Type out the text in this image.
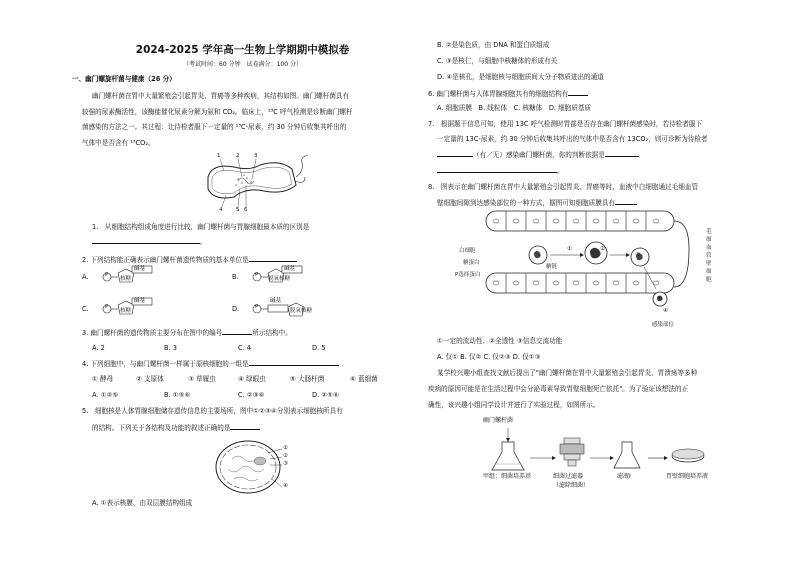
2024-2025 学年高一生物上学期期中模拟卷
（考试时间：60 分钟　试卷满分：100 分）
一、幽门螺旋杆菌与健康（26 分）
幽门螺杆菌在胃中大量繁殖会引起胃炎、胃癌等多种疾病，其结构如图。幽门螺杆菌具有
较强的尿素酶活性，该酶能催化尿素分解为氨和 CO₂。临床上，¹³C 呼气检测是诊断幽门螺杆
菌感染的方法之一。其过程：让待检者服下一定量的 ¹³C-尿素，约 30 分钟后收集其呼出的
气体中是否含有 ¹³CO₂。
1	2	3
4 5 6
1.　从细胞结构组成角度进行比较，幽门螺杆菌与胃腺细胞最本质的区别是
。
2. 下列结构能正确表示幽门螺杆菌遗传物质的基本单位是
A.	P
碱基
核糖	B.	P
碱基
脱氧核糖
C.	P
碱基
核糖	D.	P
碱基
脱氧核糖
3. 幽门螺杆菌的遗传物质主要分布在图中的编号	所示结构中。
A. 2	B. 3	C. 4	D. 5
4. 下列细胞中，与幽门螺杆菌一样属于原核细胞的一组是
① 酵母	② 支原体	③ 草履虫	④ 绿眼虫	⑤ 大肠杆菌	⑥ 蓝细菌
A. ①②⑤	B. ①⑤⑥	C. ②③⑥	D. ②⑤⑥
5.　细胞核是人体胃腺细胞储存遗传信息的主要场所，图中①②③④分别表示细胞核所具有
的结构。下列关于各结构及功能的叙述正确的是
①
②
③
④
A. ①表示核膜，由双层膜结构组成
B. ②是染色质，由 DNA 和蛋白质组成
C. ③是核仁，与细胞中核糖体的形成有关
D. ④是核孔，是细胞核与细胞质间大分子物质进出的通道
6. 幽门螺杆菌与人体胃腺细胞共有的细胞结构有
A. 细胞质膜　B. 线粒体　C. 核糖体　D. 细胞质基质
7.　根据题干信息可知，使用 13C 呼气检测时胃部是否存在幽门螺杆菌感染时，若待检者服下
一定量的 13C-尿素，约 30 分钟后收集其呼出的气体中是否含有 13CO₂，则可诊断为待检者
（有／无）感染幽门螺杆菌，你的判断依据是
。
8.　图表示在幽门螺杆菌在胃中大量繁殖会引起胃炎、胃癌等时，血液中白细胞通过毛细血管
壁细胞间隙到达感染部位的一种方式，据图可知细胞质膜具有
白细胞
糖蛋白
糖链
P选择蛋白
感染部位
①	②
③
④
毛细血管壁细胞
①一定的流动性、②全透性 ③信息交流功能
A. 仅① B. 仅② C. 仅②③ D. 仅①③
某学校兴趣小组查找文献后提出了"幽门螺杆菌在胃中大量繁殖会引起胃炎、胃溃疡等多种
疾病的原因可能是在生活过程中会分泌毒素导致胃壁细胞死亡依托"。为了验证该想法的正
确性，该兴趣小组同学设计并进行了实验过程，如图所示。
幽门螺杆菌
甲组：细菌培养基	细菌过滤器
（滤除细菌）
滤液Ⅰ	胃壁细胞培养液
